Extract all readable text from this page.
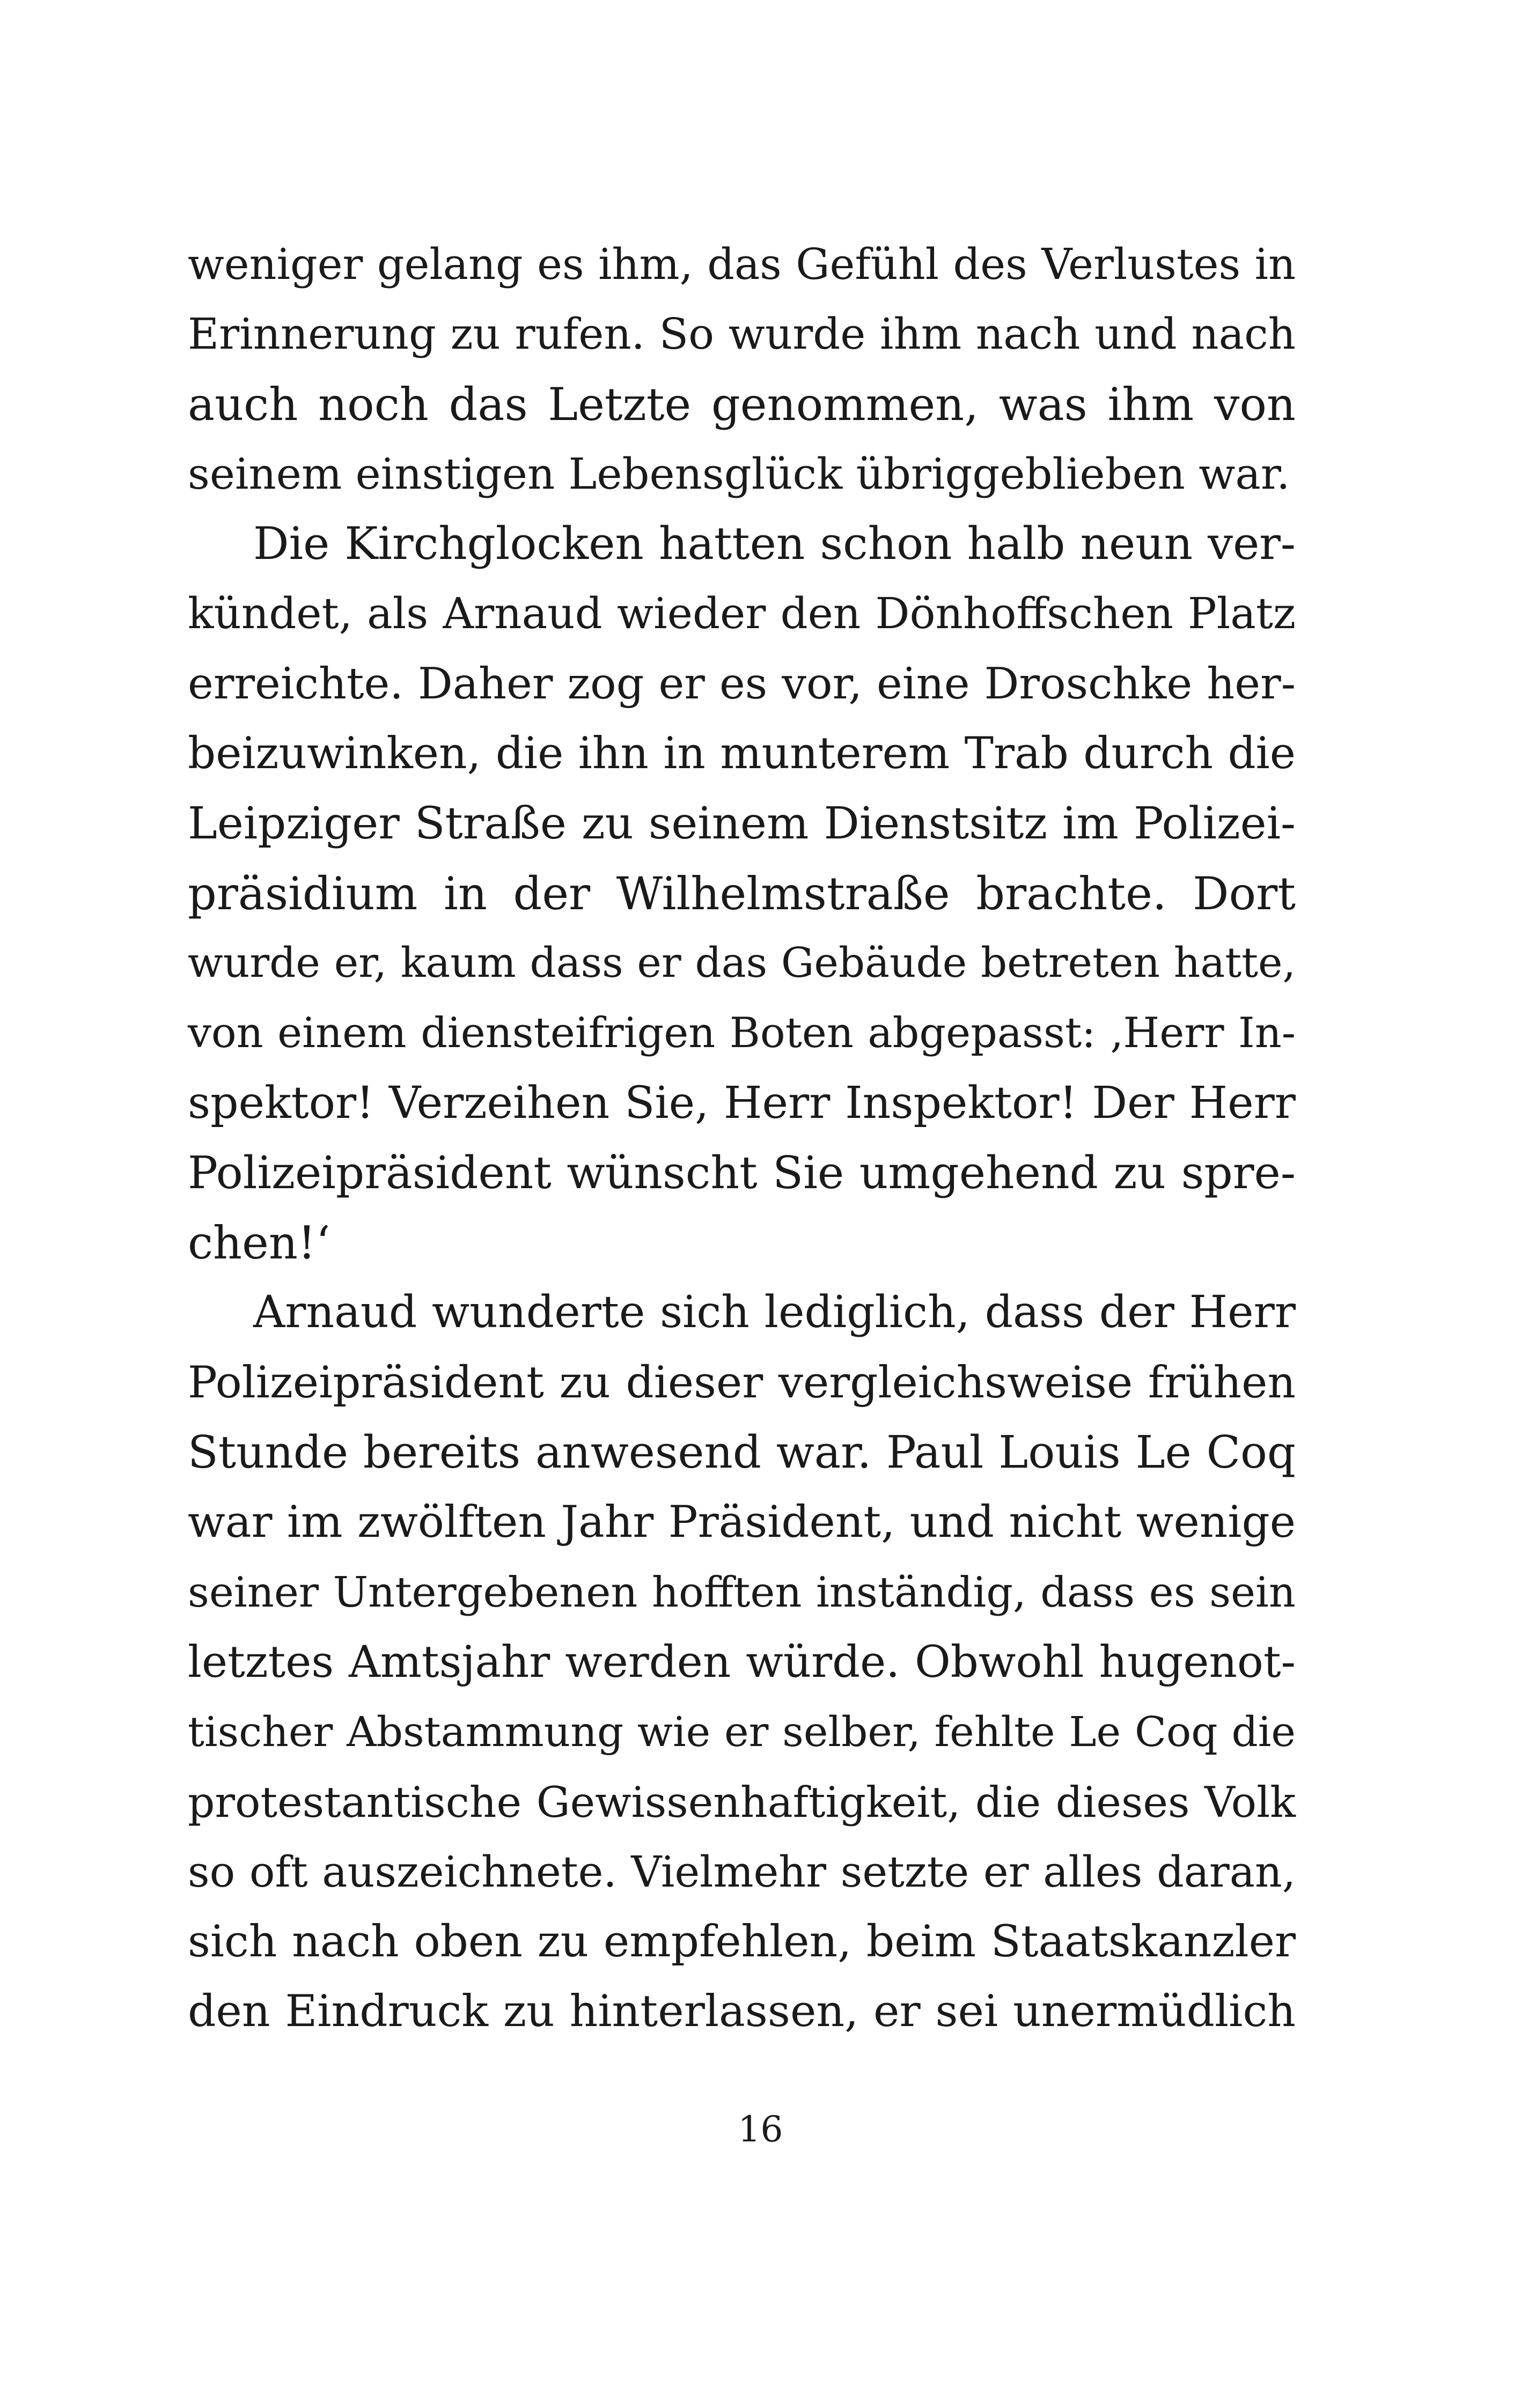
weniger gelang es ihm, das Gefühl des Verlustes in
Erinnerung zu rufen. So wurde ihm nach und nach
auch noch das Letzte genommen, was ihm von
seinem einstigen Lebensglück übriggeblieben war.
Die Kirchglocken hatten schon halb neun ver-
kündet, als Arnaud wieder den Dönhoffschen Platz
erreichte. Daher zog er es vor, eine Droschke her-
beizuwinken, die ihn in munterem Trab durch die
Leipziger Straße zu seinem Dienstsitz im Polizei-
präsidium in der Wilhelmstraße brachte. Dort
wurde er, kaum dass er das Gebäude betreten hatte,
von einem diensteifrigen Boten abgepasst: ‚Herr In-
spektor! Verzeihen Sie, Herr Inspektor! Der Herr
Polizeipräsident wünscht Sie umgehend zu spre-
chen!‘
Arnaud wunderte sich lediglich, dass der Herr
Polizeipräsident zu dieser vergleichsweise frühen
Stunde bereits anwesend war. Paul Louis Le Coq
war im zwölften Jahr Präsident, und nicht wenige
seiner Untergebenen hofften inständig, dass es sein
letztes Amtsjahr werden würde. Obwohl hugenot-
tischer Abstammung wie er selber, fehlte Le Coq die
protestantische Gewissenhaftigkeit, die dieses Volk
so oft auszeichnete. Vielmehr setzte er alles daran,
sich nach oben zu empfehlen, beim Staatskanzler
den Eindruck zu hinterlassen, er sei unermüdlich
16
